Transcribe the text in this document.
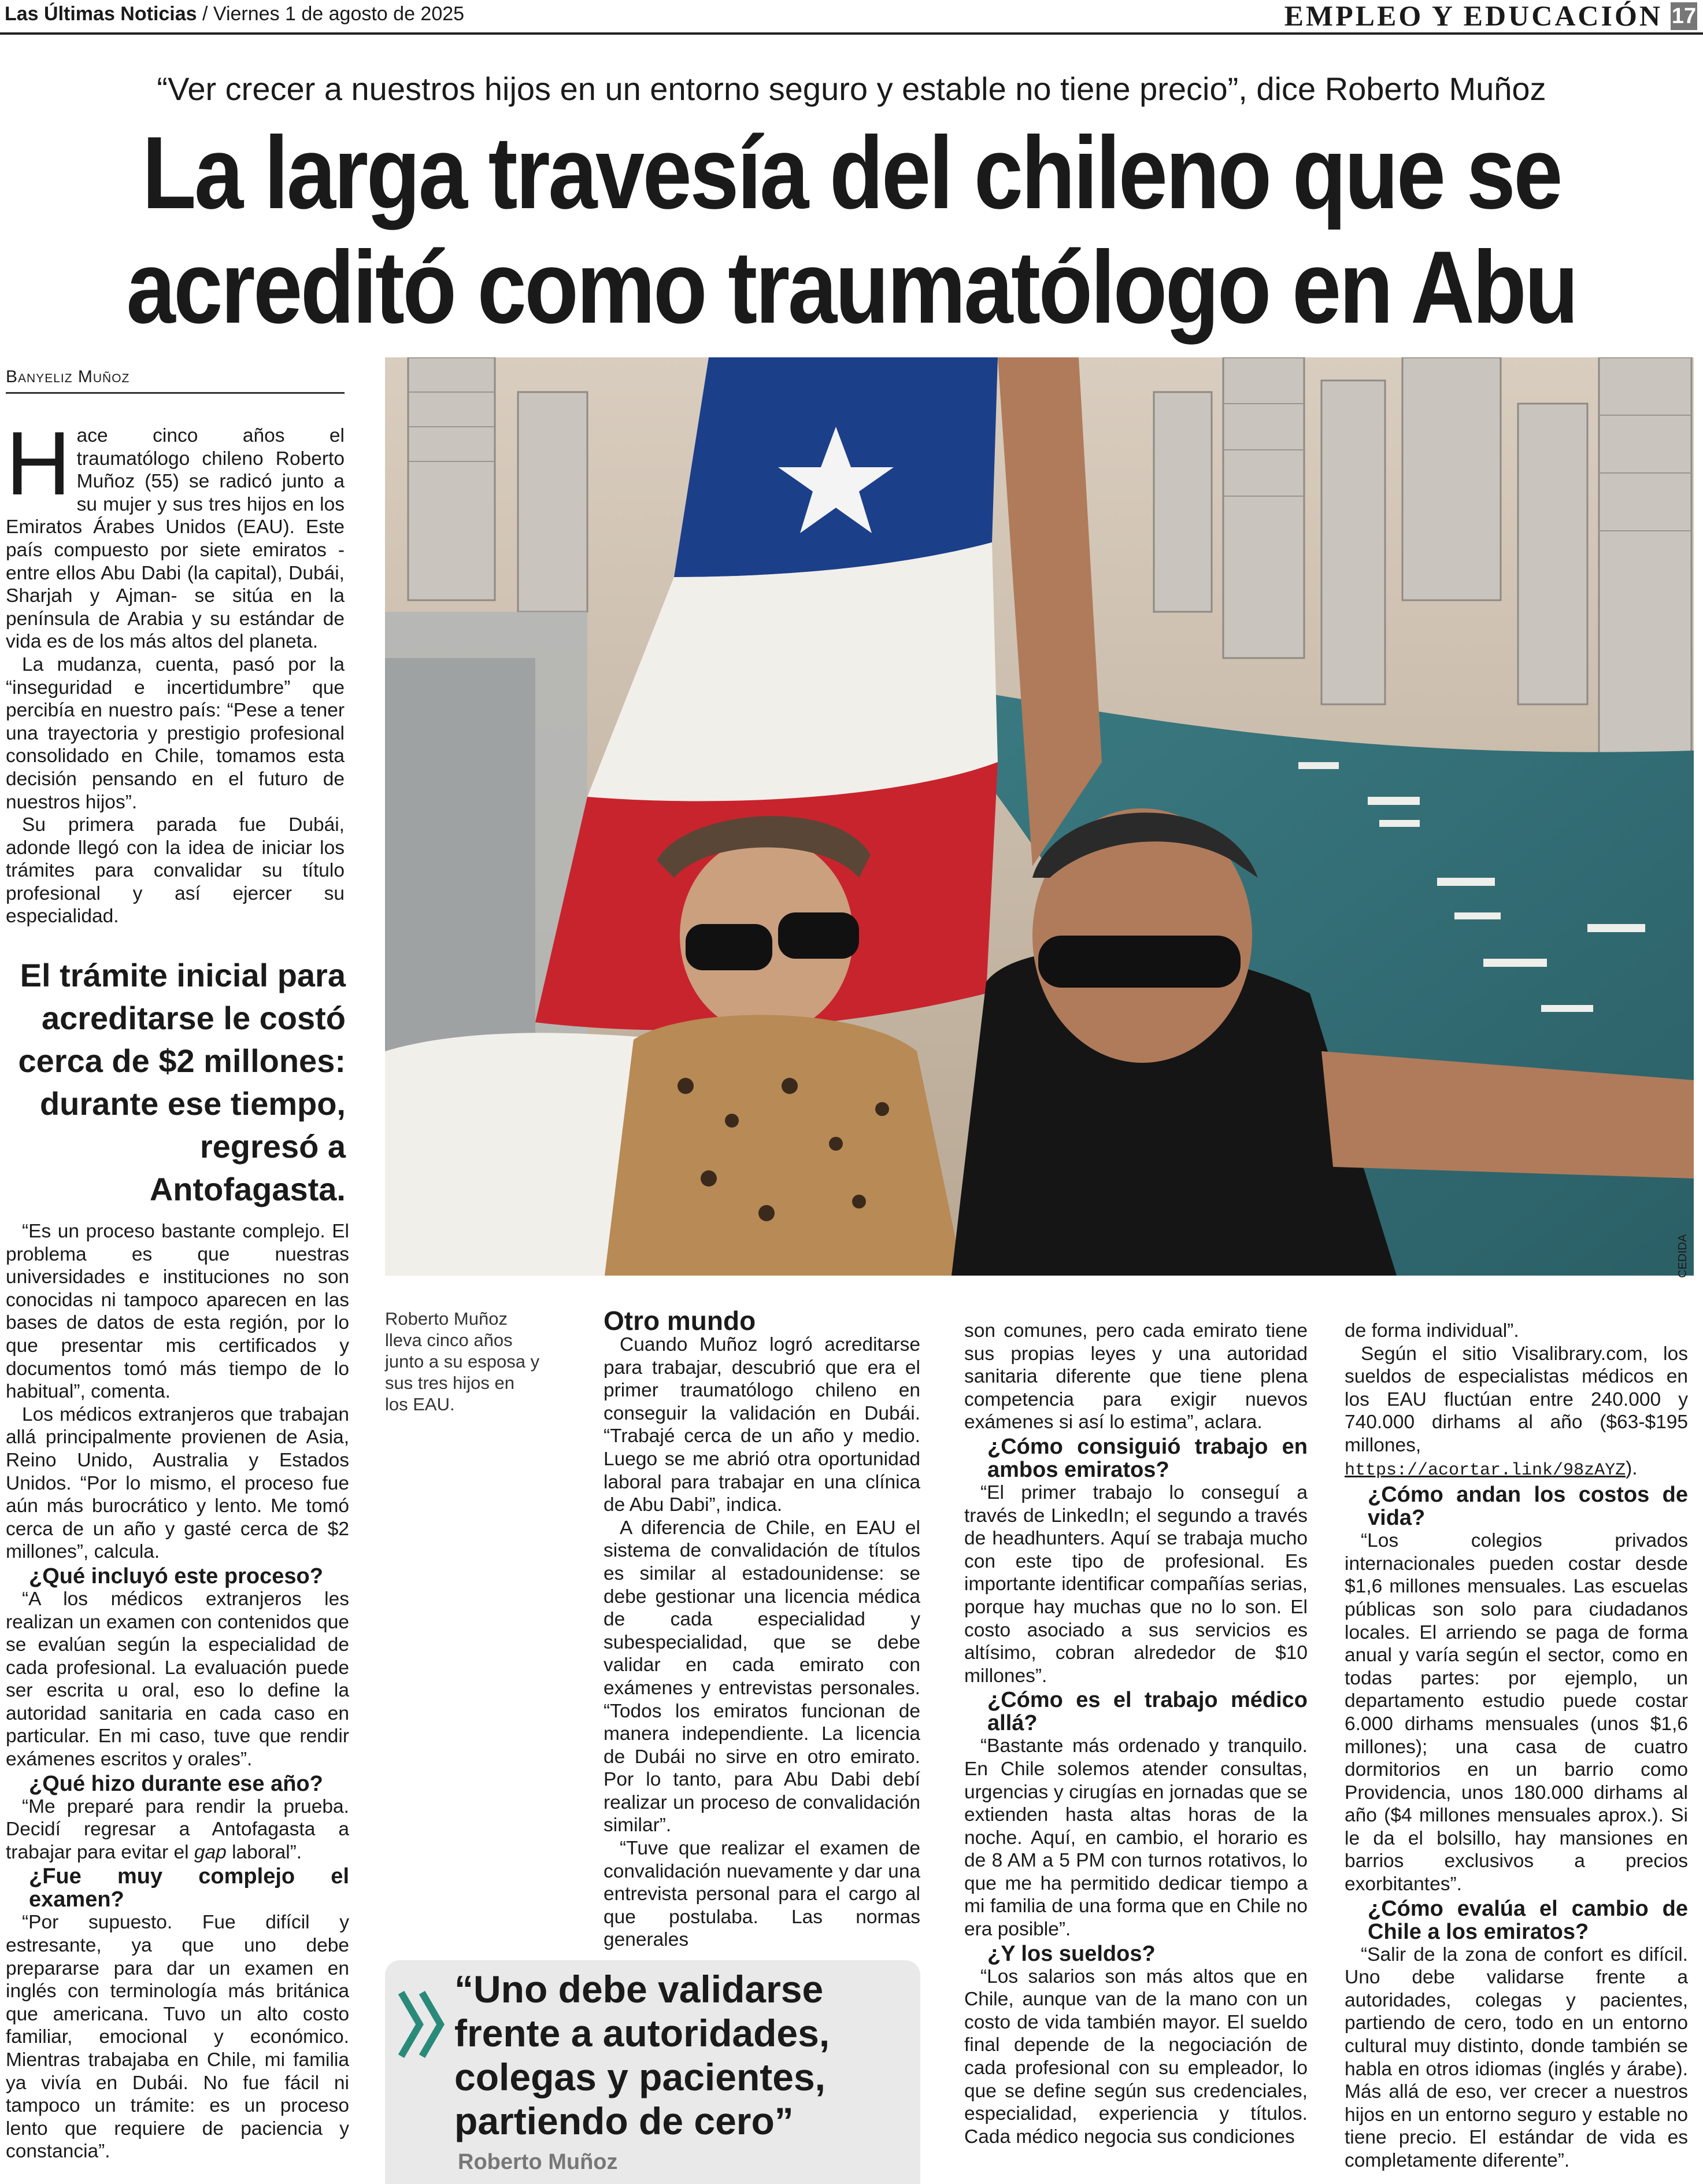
Las Últimas Noticias / Viernes 1 de agosto de 2025	EMPLEO Y EDUCACIÓN 17
“Ver crecer a nuestros hijos en un entorno seguro y estable no tiene precio”, dice Roberto Muñoz
La larga travesía del chileno que se
acreditó como traumatólogo en Abu
Banyeliz Muñoz

Hace cinco años el traumatólogo chileno Roberto Muñoz (55) se radicó junto a su mujer y sus tres hijos en los Emiratos Árabes Unidos (EAU). Este país compuesto por siete emiratos -entre ellos Abu Dabi (la capital), Dubái, Sharjah y Ajman- se sitúa en la península de Arabia y su estándar de vida es de los más altos del planeta.

La mudanza, cuenta, pasó por la “inseguridad e incertidumbre” que percibía en nuestro país: “Pese a tener una trayectoria y prestigio profesional consolidado en Chile, tomamos esta decisión pensando en el futuro de nuestros hijos”.

Su primera parada fue Dubái, adonde llegó con la idea de iniciar los trámites para convalidar su título profesional y así ejercer su especialidad.

El trámite inicial para acreditarse le costó cerca de $2 millones: durante ese tiempo, regresó a Antofagasta.
CEDIDA
Roberto Muñoz lleva cinco años junto a su esposa y sus tres hijos en los EAU.

“Es un proceso bastante complejo. El problema es que nuestras universidades e instituciones no son conocidas ni tampoco aparecen en las bases de datos de esta región, por lo que presentar mis certificados y documentos tomó más tiempo de lo habitual”, comenta.

Los médicos extranjeros que trabajan allá principalmente provienen de Asia, Reino Unido, Australia y Estados Unidos. “Por lo mismo, el proceso fue aún más burocrático y lento. Me tomó cerca de un año y gasté cerca de $2 millones”, calcula.

¿Qué incluyó este proceso?

“A los médicos extranjeros les realizan un examen con contenidos que se evalúan según la especialidad de cada profesional. La evaluación puede ser escrita u oral, eso lo define la autoridad sanitaria en cada caso en particular. En mi caso, tuve que rendir exámenes escritos y orales”.

¿Qué hizo durante ese año?

“Me preparé para rendir la prueba. Decidí regresar a Antofagasta a trabajar para evitar el gap laboral”.

¿Fue muy complejo el examen?

“Por supuesto. Fue difícil y estresante, ya que uno debe prepararse para dar un examen en inglés con terminología más británica que americana. Tuvo un alto costo familiar, emocional y económico. Mientras trabajaba en Chile, mi familia ya vivía en Dubái. No fue fácil ni tampoco un trámite: es un proceso lento que requiere de paciencia y constancia”.

Otro mundo

Cuando Muñoz logró acreditarse para trabajar, descubrió que era el primer traumatólogo chileno en conseguir la validación en Dubái. “Trabajé cerca de un año y medio. Luego se me abrió otra oportunidad laboral para trabajar en una clínica de Abu Dabi”, indica.

A diferencia de Chile, en EAU el sistema de convalidación de títulos es similar al estadounidense: se debe gestionar una licencia médica de cada especialidad y subespecialidad, que se debe validar en cada emirato con exámenes y entrevistas personales. “Todos los emiratos funcionan de manera independiente. La licencia de Dubái no sirve en otro emirato. Por lo tanto, para Abu Dabi debí realizar un proceso de convalidación similar”.

“Tuve que realizar el examen de convalidación nuevamente y dar una entrevista personal para el cargo al que postulaba. Las normas generales

son comunes, pero cada emirato tiene sus propias leyes y una autoridad sanitaria diferente que tiene plena competencia para exigir nuevos exámenes si así lo estima”, aclara.

¿Cómo consiguió trabajo en ambos emiratos?

“El primer trabajo lo conseguí a través de LinkedIn; el segundo a través de headhunters. Aquí se trabaja mucho con este tipo de profesional. Es importante identificar compañías serias, porque hay muchas que no lo son. El costo asociado a sus servicios es altísimo, cobran alrededor de $10 millones”.

¿Cómo es el trabajo médico allá?

“Bastante más ordenado y tranquilo. En Chile solemos atender consultas, urgencias y cirugías en jornadas que se extienden hasta altas horas de la noche. Aquí, en cambio, el horario es de 8 AM a 5 PM con turnos rotativos, lo que me ha permitido dedicar tiempo a mi familia de una forma que en Chile no era posible”.

¿Y los sueldos?

“Los salarios son más altos que en Chile, aunque van de la mano con un costo de vida también mayor. El sueldo final depende de la negociación de cada profesional con su empleador, lo que se define según sus credenciales, especialidad, experiencia y títulos. Cada médico negocia sus condiciones

de forma individual”.

Según el sitio Visalibrary.com, los sueldos de especialistas médicos en los EAU fluctúan entre 240.000 y 740.000 dirhams al año ($63-$195 millones, https://acortar.link/98zAYZ).

¿Cómo andan los costos de vida?

“Los colegios privados internacionales pueden costar desde $1,6 millones mensuales. Las escuelas públicas son solo para ciudadanos locales. El arriendo se paga de forma anual y varía según el sector, como en todas partes: por ejemplo, un departamento estudio puede costar 6.000 dirhams mensuales (unos $1,6 millones); una casa de cuatro dormitorios en un barrio como Providencia, unos 180.000 dirhams al año ($4 millones mensuales aprox.). Si le da el bolsillo, hay mansiones en barrios exclusivos a precios exorbitantes”.

¿Cómo evalúa el cambio de Chile a los emiratos?

“Salir de la zona de confort es difícil. Uno debe validarse frente a autoridades, colegas y pacientes, partiendo de cero, todo en un entorno cultural muy distinto, donde también se habla en otros idiomas (inglés y árabe). Más allá de eso, ver crecer a nuestros hijos en un entorno seguro y estable no tiene precio. El estándar de vida es completamente diferente”.

“Uno debe validarse frente a autoridades, colegas y pacientes, partiendo de cero”
Roberto Muñoz
